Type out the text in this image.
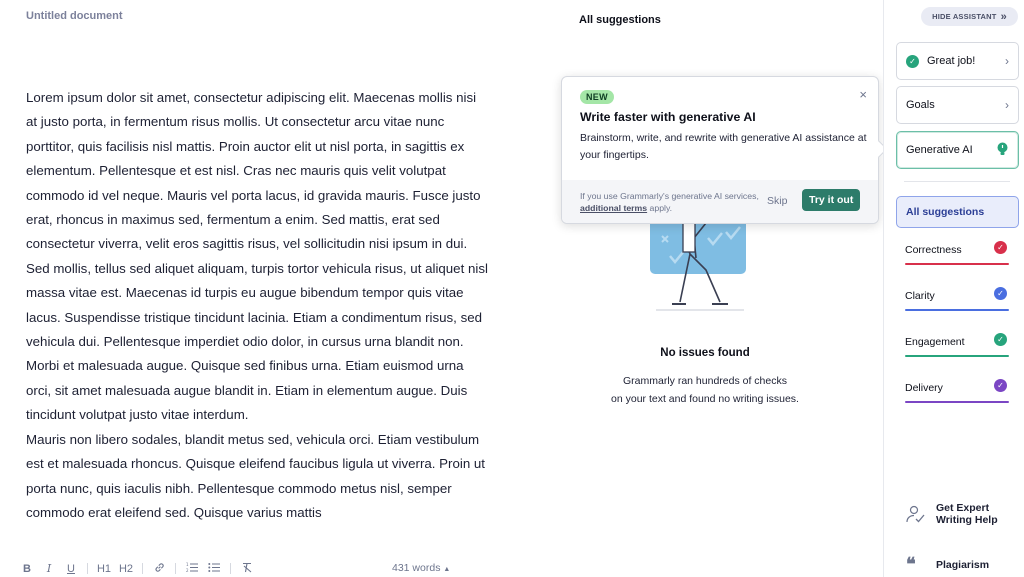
Untitled document

Lorem ipsum dolor sit amet, consectetur adipiscing elit. Maecenas mollis nisi at justo porta, in fermentum risus mollis. Ut consectetur arcu vitae nunc porttitor, quis facilisis nisl mattis. Proin auctor elit ut nisl porta, in sagittis ex elementum. Pellentesque et est nisl. Cras nec mauris quis velit volutpat commodo id vel neque. Mauris vel porta lacus, id gravida mauris. Fusce justo erat, rhoncus in maximus sed, fermentum a enim. Sed mattis, erat sed consectetur viverra, velit eros sagittis risus, vel sollicitudin nisi ipsum in dui.

Sed mollis, tellus sed aliquet aliquam, turpis tortor vehicula risus, ut aliquet nisl massa vitae est. Maecenas id turpis eu augue bibendum tempor quis vitae lacus. Suspendisse tristique tincidunt lacinia. Etiam a condimentum risus, sed vehicula dui. Pellentesque imperdiet odio dolor, in cursus urna blandit non. Morbi et malesuada augue. Quisque sed finibus urna. Etiam euismod urna orci, sit amet malesuada augue blandit in. Etiam in elementum augue. Duis tincidunt volutpat justo vitae interdum.

Mauris non libero sodales, blandit metus sed, vehicula orci. Etiam vestibulum est et malesuada rhoncus. Quisque eleifend faucibus ligula ut viverra. Proin ut porta nunc, quis iaculis nibh. Pellentesque commodo metus nisl, semper commodo erat eleifend sed. Quisque varius mattis

B	I	U	H1 H2	1
2	431 words ▲
All suggestions
No issues found
Grammarly ran hundreds of checks
on your text and found no writing issues.
NEW	×
Write faster with generative AI
Brainstorm, write, and rewrite with generative AI assistance at your fingertips.
If you use Grammarly's generative AI services, additional terms apply.
Skip	Try it out
HIDE ASSISTANT »
✓ Great job! ›
Goals	›
Generative AI
All suggestions
Correctness	✓
Clarity	✓
Engagement	✓
Delivery	✓
Get Expert
Writing Help
❝ Plagiarism
